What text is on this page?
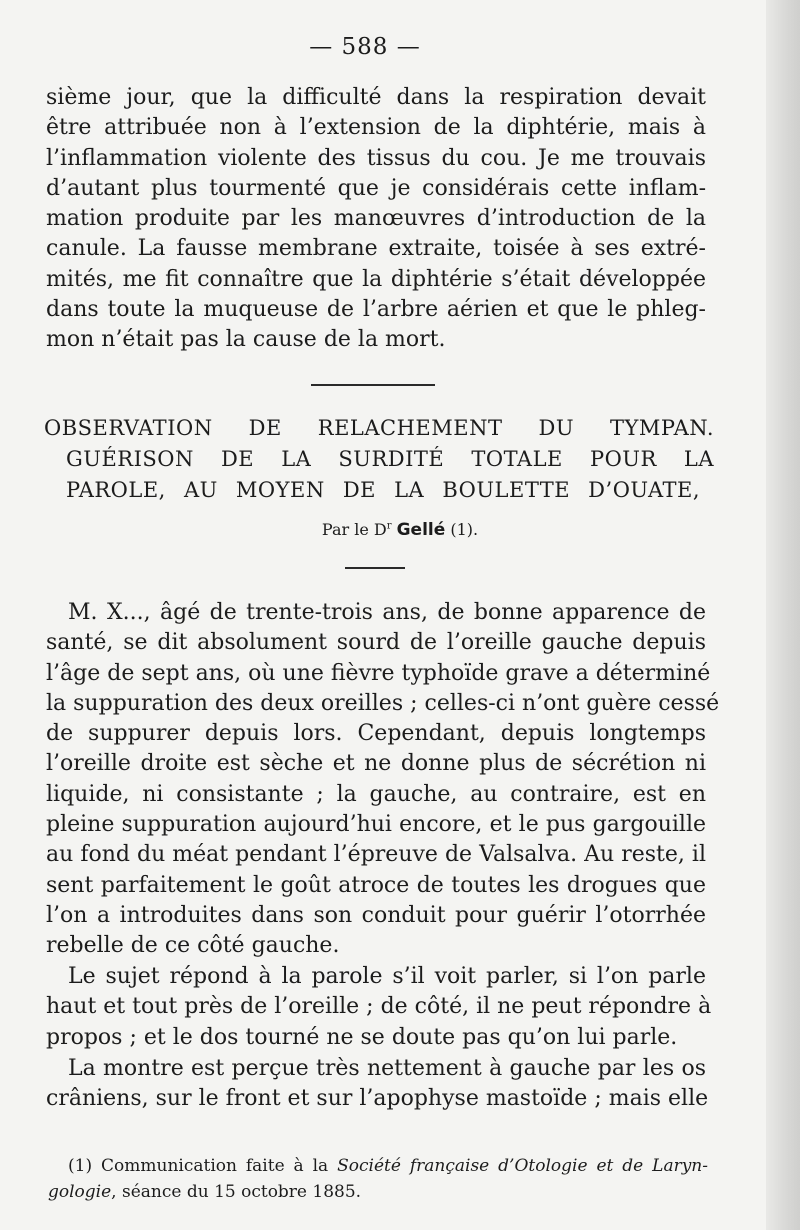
— 588 —
sième jour, que la difficulté dans la respiration devait
être attribuée non à l’extension de la diphtérie, mais à
l’inflammation violente des tissus du cou. Je me trouvais
d’autant plus tourmenté que je considérais cette inflam-
mation produite par les manœuvres d’introduction de la
canule. La fausse membrane extraite, toisée à ses extré-
mités, me fit connaître que la diphtérie s’était développée
dans toute la muqueuse de l’arbre aérien et que le phleg-
mon n’était pas la cause de la mort.
OBSERVATION DE RELACHEMENT DU TYMPAN.
GUÉRISON DE LA SURDITÉ TOTALE POUR LA
PAROLE, AU MOYEN DE LA BOULETTE D’OUATE,
Par le $D^r$ Gellé (1).
M. X..., âgé de trente-trois ans, de bonne apparence de
santé, se dit absolument sourd de l’oreille gauche depuis
l’âge de sept ans, où une fièvre typhoïde grave a déterminé
la suppuration des deux oreilles ; celles-ci n’ont guère cessé
de suppurer depuis lors. Cependant, depuis longtemps
l’oreille droite est sèche et ne donne plus de sécrétion ni
liquide, ni consistante ; la gauche, au contraire, est en
pleine suppuration aujourd’hui encore, et le pus gargouille
au fond du méat pendant l’épreuve de Valsalva. Au reste, il
sent parfaitement le goût atroce de toutes les drogues que
l’on a introduites dans son conduit pour guérir l’otorrhée
rebelle de ce côté gauche.
Le sujet répond à la parole s’il voit parler, si l’on parle
haut et tout près de l’oreille ; de côté, il ne peut répondre à
propos ; et le dos tourné ne se doute pas qu’on lui parle.
La montre est perçue très nettement à gauche par les os
crâniens, sur le front et sur l’apophyse mastoïde ; mais elle
(1) Communication faite à la Société française d’Otologie et de Laryn-
gologie, séance du 15 octobre 1885.
